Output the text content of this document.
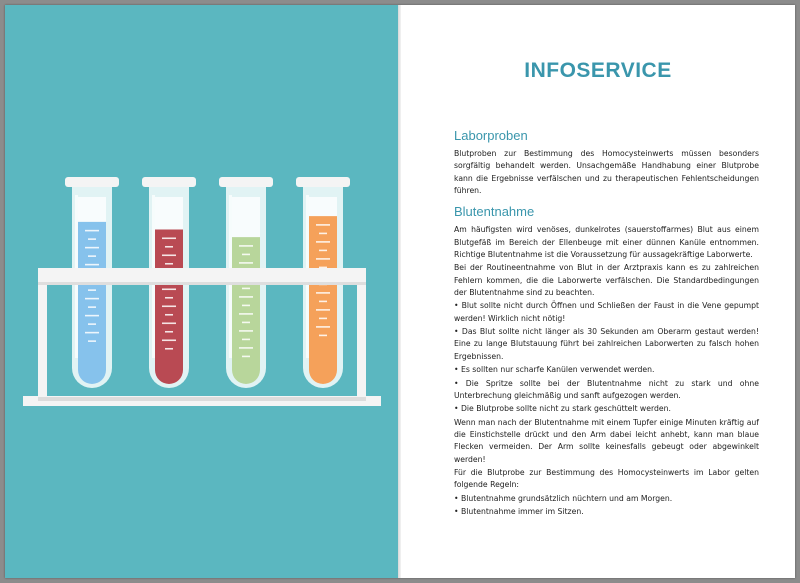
INFOSERVICE
Laborproben

Blutproben zur Bestimmung des Homocysteinwerts müssen besonders sorgfältig behandelt werden. Unsachgemäße Handhabung einer Blutprobe kann die Ergebnisse verfälschen und zu therapeutischen Fehlentscheidungen führen.

Blutentnahme

Am häufigsten wird venöses, dunkelrotes (sauerstoffarmes) Blut aus einem Blutgefäß im Bereich der Ellenbeuge mit einer dünnen Kanüle entnommen. Richtige Blutentnahme ist die Voraussetzung für aussagekräftige Laborwerte.

Bei der Routineentnahme von Blut in der Arztpraxis kann es zu zahlreichen Fehlern kommen, die die Laborwerte verfälschen. Die Standardbedingungen der Blutentnahme sind zu beachten.

• Blut sollte nicht durch Öffnen und Schließen der Faust in die Vene gepumpt werden! Wirklich nicht nötig!

• Das Blut sollte nicht länger als 30 Sekunden am Oberarm gestaut werden! Eine zu lange Blutstauung führt bei zahlreichen Laborwerten zu falsch hohen Ergebnissen.

• Es sollten nur scharfe Kanülen verwendet werden.

• Die Spritze sollte bei der Blutentnahme nicht zu stark und ohne Unterbrechung gleichmäßig und sanft aufgezogen werden.

• Die Blutprobe sollte nicht zu stark geschüttelt werden.

Wenn man nach der Blutentnahme mit einem Tupfer einige Minuten kräftig auf die Einstichstelle drückt und den Arm dabei leicht anhebt, kann man blaue Flecken vermeiden. Der Arm sollte keinesfalls gebeugt oder abgewinkelt werden!

Für die Blutprobe zur Bestimmung des Homocysteinwerts im Labor gelten folgende Regeln:

• Blutentnahme grundsätzlich nüchtern und am Morgen.

• Blutentnahme immer im Sitzen.
